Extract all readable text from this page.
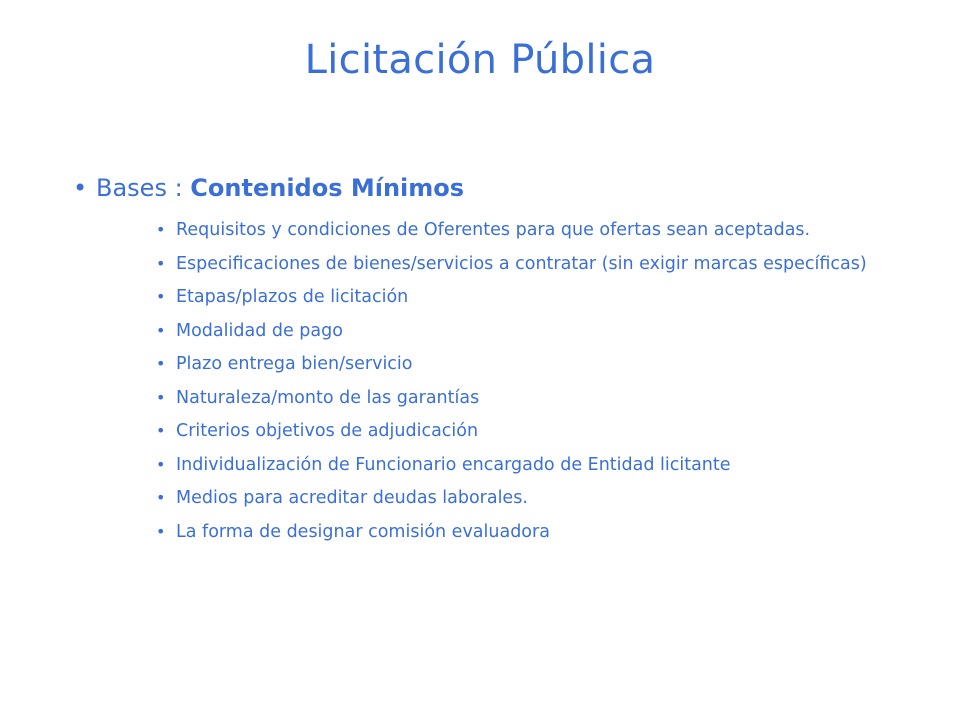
Licitación Pública
• Bases : Contenidos Mínimos
• Requisitos y condiciones de Oferentes para que ofertas sean aceptadas.
• Especificaciones de bienes/servicios a contratar (sin exigir marcas específicas)
• Etapas/plazos de licitación
• Modalidad de pago
• Plazo entrega bien/servicio
• Naturaleza/monto de las garantías
• Criterios objetivos de adjudicación
• Individualización de Funcionario encargado de Entidad licitante
• Medios para acreditar deudas laborales.
• La forma de designar comisión evaluadora
